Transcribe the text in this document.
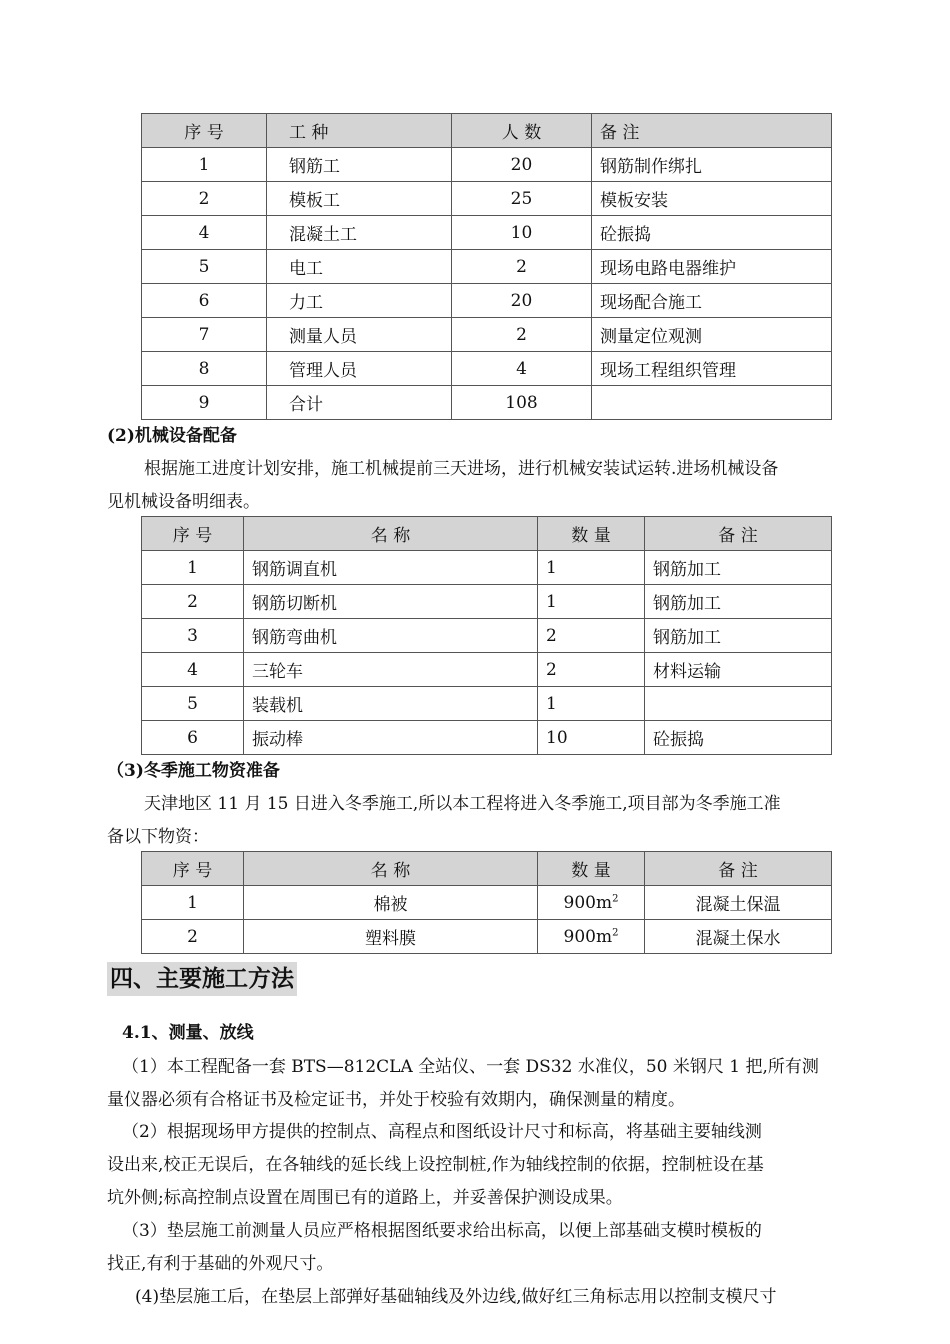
序 号	工 种	人 数	备 注
1	钢筋工	20	钢筋制作绑扎
2	模板工	25	模板安装
4	混凝土工	10	砼振捣
5	电工	2	现场电路电器维护
6	力工	20	现场配合施工
7	测量人员	2	测量定位观测
8	管理人员	4	现场工程组织管理
9	合计	108	
(2)机械设备配备
根据施工进度计划安排，施工机械提前三天进场，进行机械安装试运转.进场机械设备
见机械设备明细表。
序 号	名 称	数 量	备 注
1	钢筋调直机	1	钢筋加工
2	钢筋切断机	1	钢筋加工
3	钢筋弯曲机	2	钢筋加工
4	三轮车	2	材料运输
5	装载机	1	
6	振动棒	10	砼振捣
（3)冬季施工物资准备
天津地区 11 月 15 日进入冬季施工,所以本工程将进入冬季施工,项目部为冬季施工准
备以下物资：
序 号	名 称	数 量	备 注
1	棉被	$900m^2$	混凝土保温
2	塑料膜	$900m^2$	混凝土保水
四、主要施工方法
4.1、测量、放线
（1）本工程配备一套 BTS—812CLA 全站仪、一套 DS32 水准仪，50 米钢尺 1 把,所有测
量仪器必须有合格证书及检定证书，并处于校验有效期内，确保测量的精度。
（2）根据现场甲方提供的控制点、高程点和图纸设计尺寸和标高，将基础主要轴线测
设出来,校正无误后，在各轴线的延长线上设控制桩,作为轴线控制的依据，控制桩设在基
坑外侧;标高控制点设置在周围已有的道路上，并妥善保护测设成果。
（3）垫层施工前测量人员应严格根据图纸要求给出标高，以便上部基础支模时模板的
找正,有利于基础的外观尺寸。
(4)垫层施工后，在垫层上部弹好基础轴线及外边线,做好红三角标志用以控制支模尺寸
